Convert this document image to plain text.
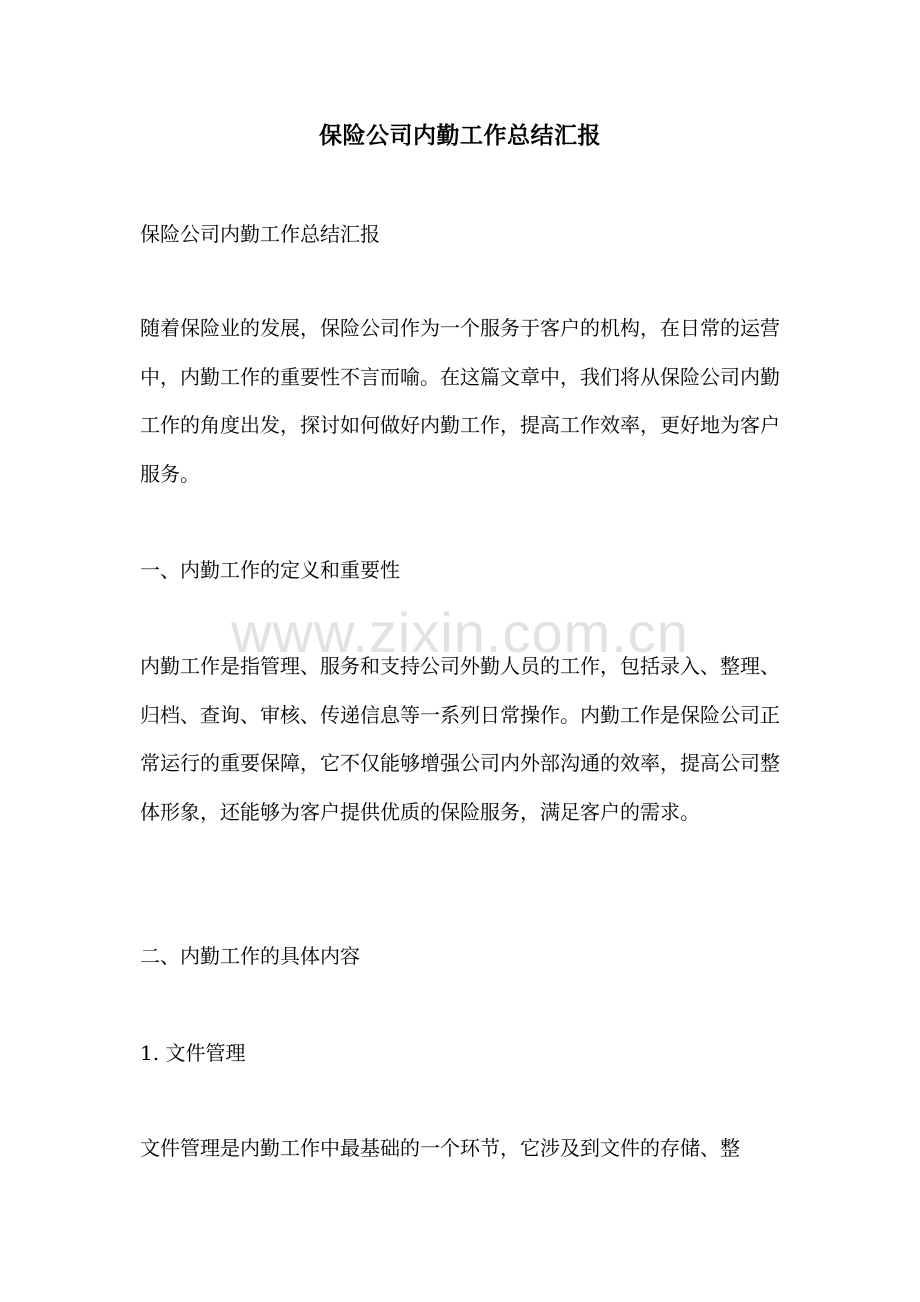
保险公司内勤工作总结汇报

保险公司内勤工作总结汇报

随着保险业的发展，保险公司作为一个服务于客户的机构，在日常的运营中，内勤工作的重要性不言而喻。在这篇文章中，我们将从保险公司内勤工作的角度出发，探讨如何做好内勤工作，提高工作效率，更好地为客户服务。

一、内勤工作的定义和重要性

内勤工作是指管理、服务和支持公司外勤人员的工作，包括录入、整理、归档、查询、审核、传递信息等一系列日常操作。内勤工作是保险公司正常运行的重要保障，它不仅能够增强公司内外部沟通的效率，提高公司整体形象，还能够为客户提供优质的保险服务，满足客户的需求。

二、内勤工作的具体内容

1. 文件管理

文件管理是内勤工作中最基础的一个环节，它涉及到文件的存储、整

www.zixin.com.cn
